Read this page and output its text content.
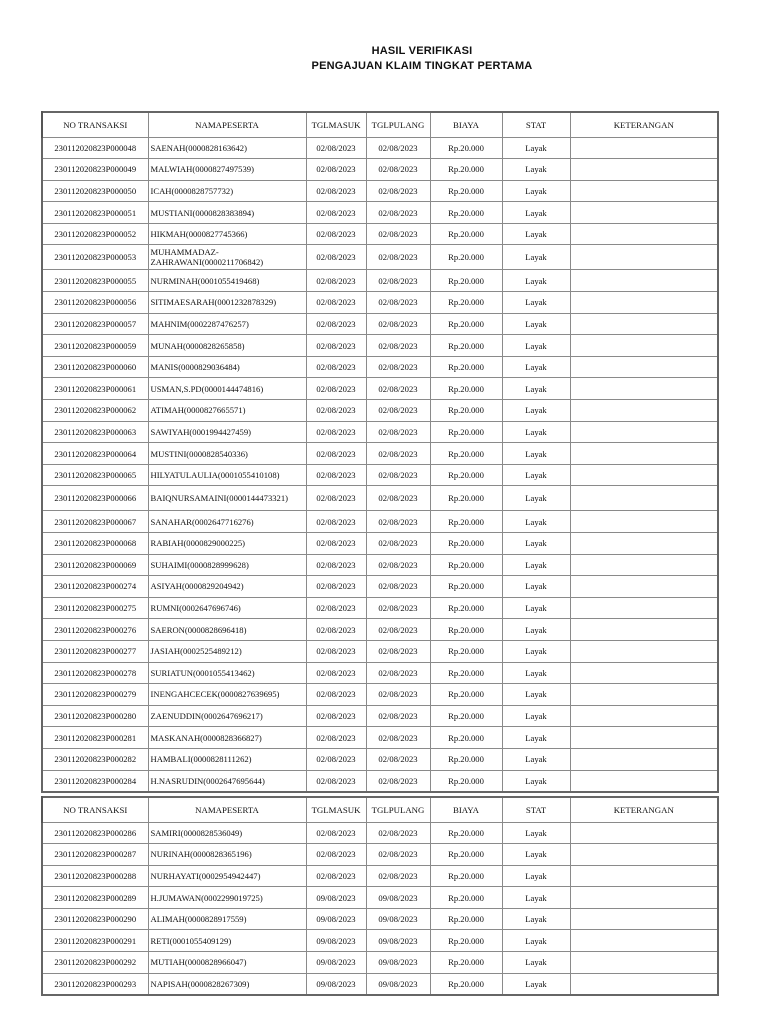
HASIL VERIFIKASI
PENGAJUAN KLAIM TINGKAT PERTAMA
NO TRANSAKSI	NAMAPESERTA	TGLMASUK	TGLPULANG	BIAYA	STAT	KETERANGAN
230112020823P000048	SAENAH(0000828163642)	02/08/2023	02/08/2023	Rp.20.000	Layak	
230112020823P000049	MALWIAH(0000827497539)	02/08/2023	02/08/2023	Rp.20.000	Layak	
230112020823P000050	ICAH(0000828757732)	02/08/2023	02/08/2023	Rp.20.000	Layak	
230112020823P000051	MUSTIANI(0000828383894)	02/08/2023	02/08/2023	Rp.20.000	Layak	
230112020823P000052	HIKMAH(0000827745366)	02/08/2023	02/08/2023	Rp.20.000	Layak	
230112020823P000053	MUHAMMADAZ-ZAHRAWANI(0000211706842)	02/08/2023	02/08/2023	Rp.20.000	Layak	
230112020823P000055	NURMINAH(0001055419468)	02/08/2023	02/08/2023	Rp.20.000	Layak	
230112020823P000056	SITIMAESARAH(0001232878329)	02/08/2023	02/08/2023	Rp.20.000	Layak	
230112020823P000057	MAHNIM(0002287476257)	02/08/2023	02/08/2023	Rp.20.000	Layak	
230112020823P000059	MUNAH(0000828265858)	02/08/2023	02/08/2023	Rp.20.000	Layak	
230112020823P000060	MANIS(0000829036484)	02/08/2023	02/08/2023	Rp.20.000	Layak	
230112020823P000061	USMAN,S.PD(0000144474816)	02/08/2023	02/08/2023	Rp.20.000	Layak	
230112020823P000062	ATIMAH(0000827665571)	02/08/2023	02/08/2023	Rp.20.000	Layak	
230112020823P000063	SAWIYAH(0001994427459)	02/08/2023	02/08/2023	Rp.20.000	Layak	
230112020823P000064	MUSTINI(0000828540336)	02/08/2023	02/08/2023	Rp.20.000	Layak	
230112020823P000065	HILYATULAULIA(0001055410108)	02/08/2023	02/08/2023	Rp.20.000	Layak	
230112020823P000066	BAIQNURSAMAINI(0000144473321)	02/08/2023	02/08/2023	Rp.20.000	Layak	
230112020823P000067	SANAHAR(0002647716276)	02/08/2023	02/08/2023	Rp.20.000	Layak	
230112020823P000068	RABIAH(0000829000225)	02/08/2023	02/08/2023	Rp.20.000	Layak	
230112020823P000069	SUHAIMI(0000828999628)	02/08/2023	02/08/2023	Rp.20.000	Layak	
230112020823P000274	ASIYAH(0000829204942)	02/08/2023	02/08/2023	Rp.20.000	Layak	
230112020823P000275	RUMNI(0002647696746)	02/08/2023	02/08/2023	Rp.20.000	Layak	
230112020823P000276	SAERON(0000828696418)	02/08/2023	02/08/2023	Rp.20.000	Layak	
230112020823P000277	JASIAH(0002525489212)	02/08/2023	02/08/2023	Rp.20.000	Layak	
230112020823P000278	SURIATUN(0001055413462)	02/08/2023	02/08/2023	Rp.20.000	Layak	
230112020823P000279	INENGAHCECEK(0000827639695)	02/08/2023	02/08/2023	Rp.20.000	Layak	
230112020823P000280	ZAENUDDIN(0002647696217)	02/08/2023	02/08/2023	Rp.20.000	Layak	
230112020823P000281	MASKANAH(0000828366827)	02/08/2023	02/08/2023	Rp.20.000	Layak	
230112020823P000282	HAMBALI(0000828111262)	02/08/2023	02/08/2023	Rp.20.000	Layak	
230112020823P000284	H.NASRUDIN(0002647695644)	02/08/2023	02/08/2023	Rp.20.000	Layak	
NO TRANSAKSI	NAMAPESERTA	TGLMASUK	TGLPULANG	BIAYA	STAT	KETERANGAN
230112020823P000286	SAMIRI(0000828536049)	02/08/2023	02/08/2023	Rp.20.000	Layak	
230112020823P000287	NURINAH(0000828365196)	02/08/2023	02/08/2023	Rp.20.000	Layak	
230112020823P000288	NURHAYATI(0002954942447)	02/08/2023	02/08/2023	Rp.20.000	Layak	
230112020823P000289	H.JUMAWAN(0002299019725)	09/08/2023	09/08/2023	Rp.20.000	Layak	
230112020823P000290	ALIMAH(0000828917559)	09/08/2023	09/08/2023	Rp.20.000	Layak	
230112020823P000291	RETI(0001055409129)	09/08/2023	09/08/2023	Rp.20.000	Layak	
230112020823P000292	MUTIAH(0000828966047)	09/08/2023	09/08/2023	Rp.20.000	Layak	
230112020823P000293	NAPISAH(0000828267309)	09/08/2023	09/08/2023	Rp.20.000	Layak	
